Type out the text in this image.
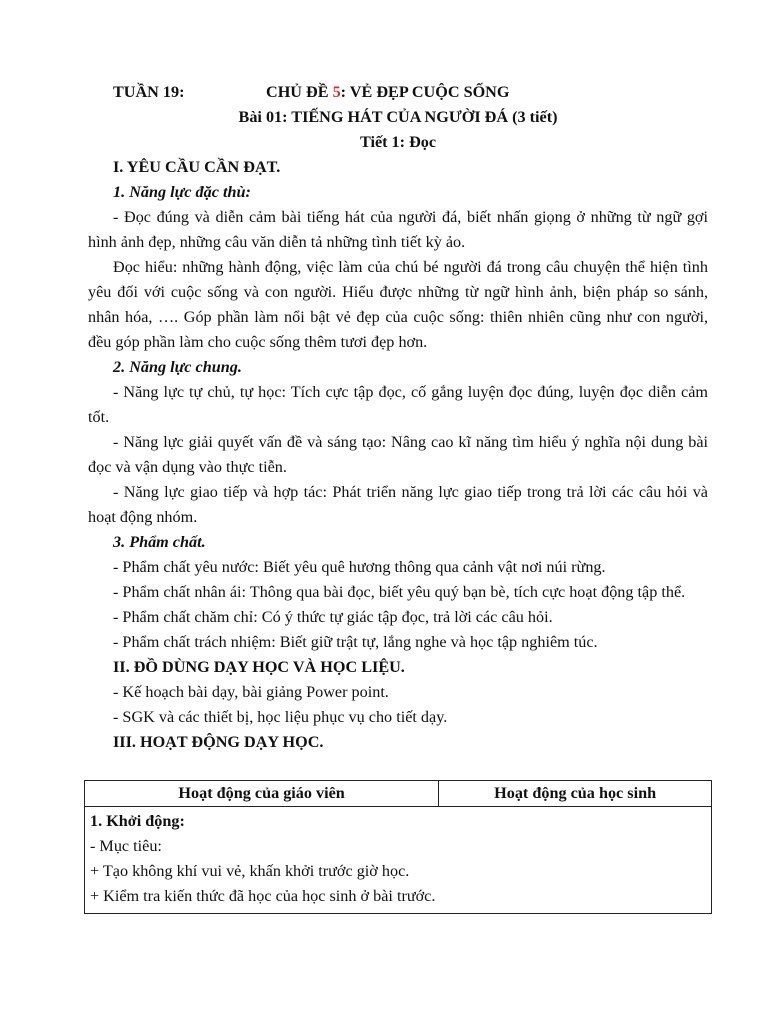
TUẦN 19:	CHỦ ĐỀ 5: VẺ ĐẸP CUỘC SỐNG
Bài 01: TIẾNG HÁT CỦA NGƯỜI ĐÁ (3 tiết)
Tiết 1: Đọc
I. YÊU CẦU CẦN ĐẠT.
1. Năng lực đặc thù:

- Đọc đúng và diễn cảm bài tiếng hát của người đá, biết nhấn giọng ở những từ ngữ gợi hình ảnh đẹp, những câu văn diễn tả những tình tiết kỳ ảo.

Đọc hiểu: những hành động, việc làm của chú bé người đá trong câu chuyện thể hiện tình yêu đối với cuộc sống và con người. Hiểu được những từ ngữ hình ảnh, biện pháp so sánh, nhân hóa, …. Góp phần làm nổi bật vẻ đẹp của cuộc sống: thiên nhiên cũng như con người, đều góp phần làm cho cuộc sống thêm tươi đẹp hơn.

2. Năng lực chung.

- Năng lực tự chủ, tự học: Tích cực tập đọc, cố gắng luyện đọc đúng, luyện đọc diễn cảm tốt.

- Năng lực giải quyết vấn đề và sáng tạo: Nâng cao kĩ năng tìm hiểu ý nghĩa nội dung bài đọc và vận dụng vào thực tiễn.

- Năng lực giao tiếp và hợp tác: Phát triển năng lực giao tiếp trong trả lời các câu hỏi và hoạt động nhóm.

3. Phẩm chất.

- Phẩm chất yêu nước: Biết yêu quê hương thông qua cảnh vật nơi núi rừng.

- Phẩm chất nhân ái: Thông qua bài đọc, biết yêu quý bạn bè, tích cực hoạt động tập thể.

- Phẩm chất chăm chỉ: Có ý thức tự giác tập đọc, trả lời các câu hỏi.

- Phẩm chất trách nhiệm: Biết giữ trật tự, lắng nghe và học tập nghiêm túc.

II. ĐỒ DÙNG DẠY HỌC VÀ HỌC LIỆU.

- Kế hoạch bài dạy, bài giảng Power point.

- SGK và các thiết bị, học liệu phục vụ cho tiết dạy.

III. HOẠT ĐỘNG DẠY HỌC.
Hoạt động của giáo viên	Hoạt động của học sinh

1. Khởi động:
- Mục tiêu:
+ Tạo không khí vui vẻ, khấn khởi trước giờ học.
+ Kiểm tra kiến thức đã học của học sinh ở bài trước.
